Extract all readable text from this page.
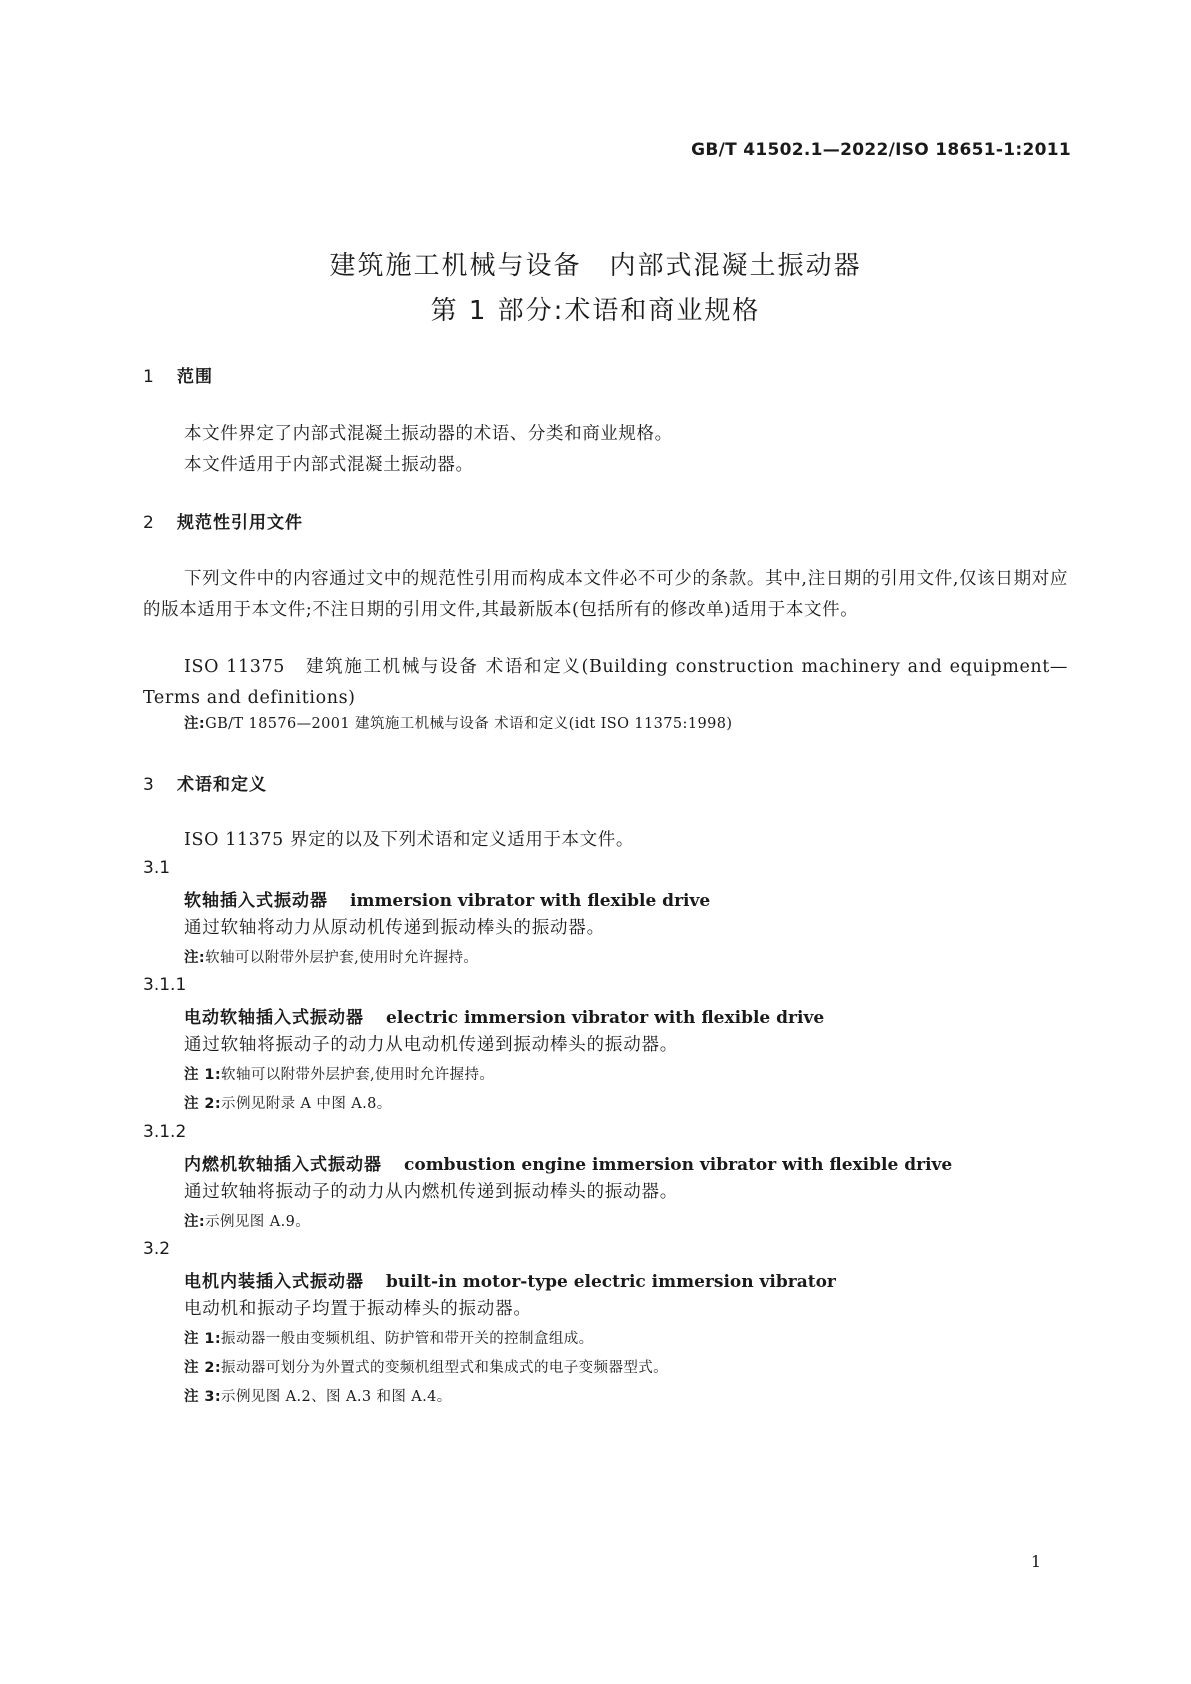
GB/T 41502.1—2022/ISO 18651-1:2011
建筑施工机械与设备 内部式混凝土振动器
第 1 部分:术语和商业规格
1 范围
本文件界定了内部式混凝土振动器的术语、分类和商业规格。
本文件适用于内部式混凝土振动器。
2 规范性引用文件
下列文件中的内容通过文中的规范性引用而构成本文件必不可少的条款。其中,注日期的引用文件,仅该日期对应的版本适用于本文件;不注日期的引用文件,其最新版本(包括所有的修改单)适用于本文件。
ISO 11375 建筑施工机械与设备 术语和定义(Building construction machinery and equipment—Terms and definitions)
注:GB/T 18576—2001 建筑施工机械与设备 术语和定义(idt ISO 11375:1998)
3 术语和定义
ISO 11375 界定的以及下列术语和定义适用于本文件。
3.1
软轴插入式振动器 immersion vibrator with flexible drive
通过软轴将动力从原动机传递到振动棒头的振动器。
注:软轴可以附带外层护套,使用时允许握持。
3.1.1
电动软轴插入式振动器 electric immersion vibrator with flexible drive
通过软轴将振动子的动力从电动机传递到振动棒头的振动器。
注 1:软轴可以附带外层护套,使用时允许握持。
注 2:示例见附录 A 中图 A.8。
3.1.2
内燃机软轴插入式振动器 combustion engine immersion vibrator with flexible drive
通过软轴将振动子的动力从内燃机传递到振动棒头的振动器。
注:示例见图 A.9。
3.2
电机内装插入式振动器 built-in motor-type electric immersion vibrator
电动机和振动子均置于振动棒头的振动器。
注 1:振动器一般由变频机组、防护管和带开关的控制盒组成。
注 2:振动器可划分为外置式的变频机组型式和集成式的电子变频器型式。
注 3:示例见图 A.2、图 A.3 和图 A.4。
1
